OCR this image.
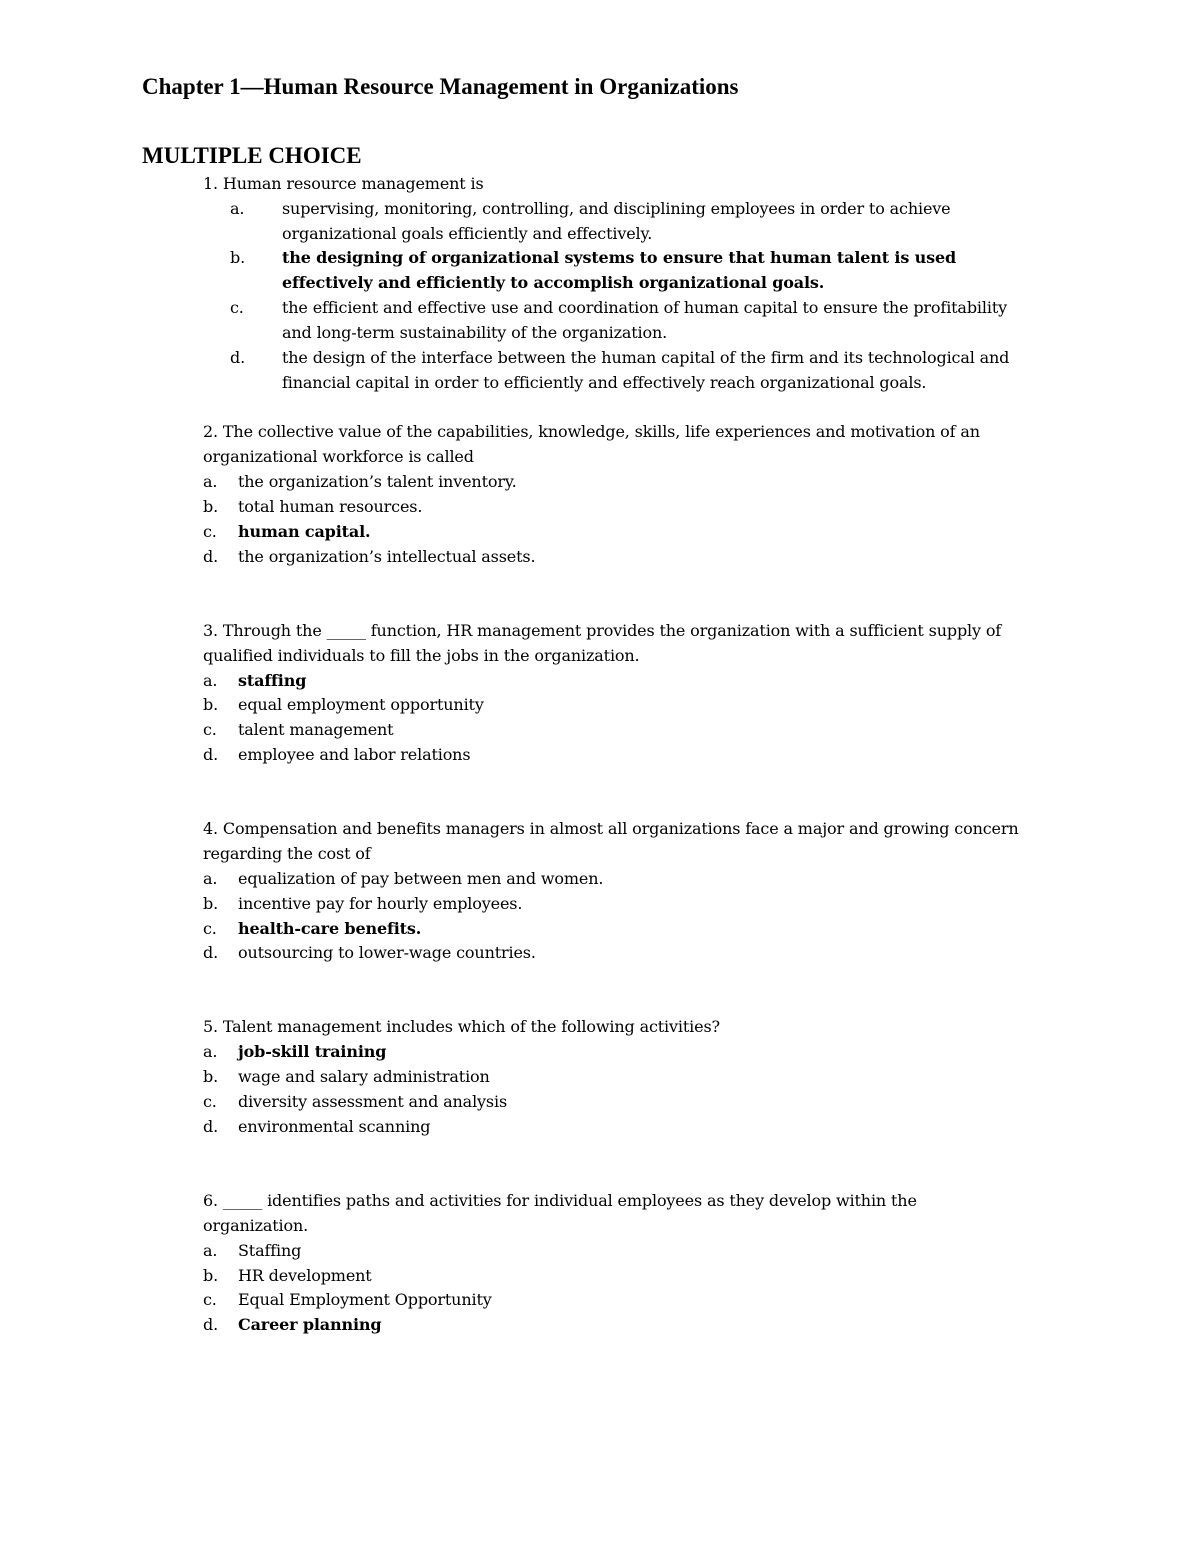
Chapter 1—Human Resource Management in Organizations
MULTIPLE CHOICE
1. Human resource management is
a. supervising, monitoring, controlling, and disciplining employees in order to achieve
organizational goals efficiently and effectively.
b. the designing of organizational systems to ensure that human talent is used
effectively and efficiently to accomplish organizational goals.
c. the efficient and effective use and coordination of human capital to ensure the profitability
and long-term sustainability of the organization.
d. the design of the interface between the human capital of the firm and its technological and
financial capital in order to efficiently and effectively reach organizational goals.
2. The collective value of the capabilities, knowledge, skills, life experiences and motivation of an
organizational workforce is called
a. the organization’s talent inventory.
b. total human resources.
c. human capital.
d. the organization’s intellectual assets.
3. Through the _____ function, HR management provides the organization with a sufficient supply of
qualified individuals to fill the jobs in the organization.
a. staffing
b. equal employment opportunity
c. talent management
d. employee and labor relations
4. Compensation and benefits managers in almost all organizations face a major and growing concern
regarding the cost of
a. equalization of pay between men and women.
b. incentive pay for hourly employees.
c. health-care benefits.
d. outsourcing to lower-wage countries.
5. Talent management includes which of the following activities?
a. job-skill training
b. wage and salary administration
c. diversity assessment and analysis
d. environmental scanning
6. _____ identifies paths and activities for individual employees as they develop within the
organization.
a. Staffing
b. HR development
c. Equal Employment Opportunity
d. Career planning
